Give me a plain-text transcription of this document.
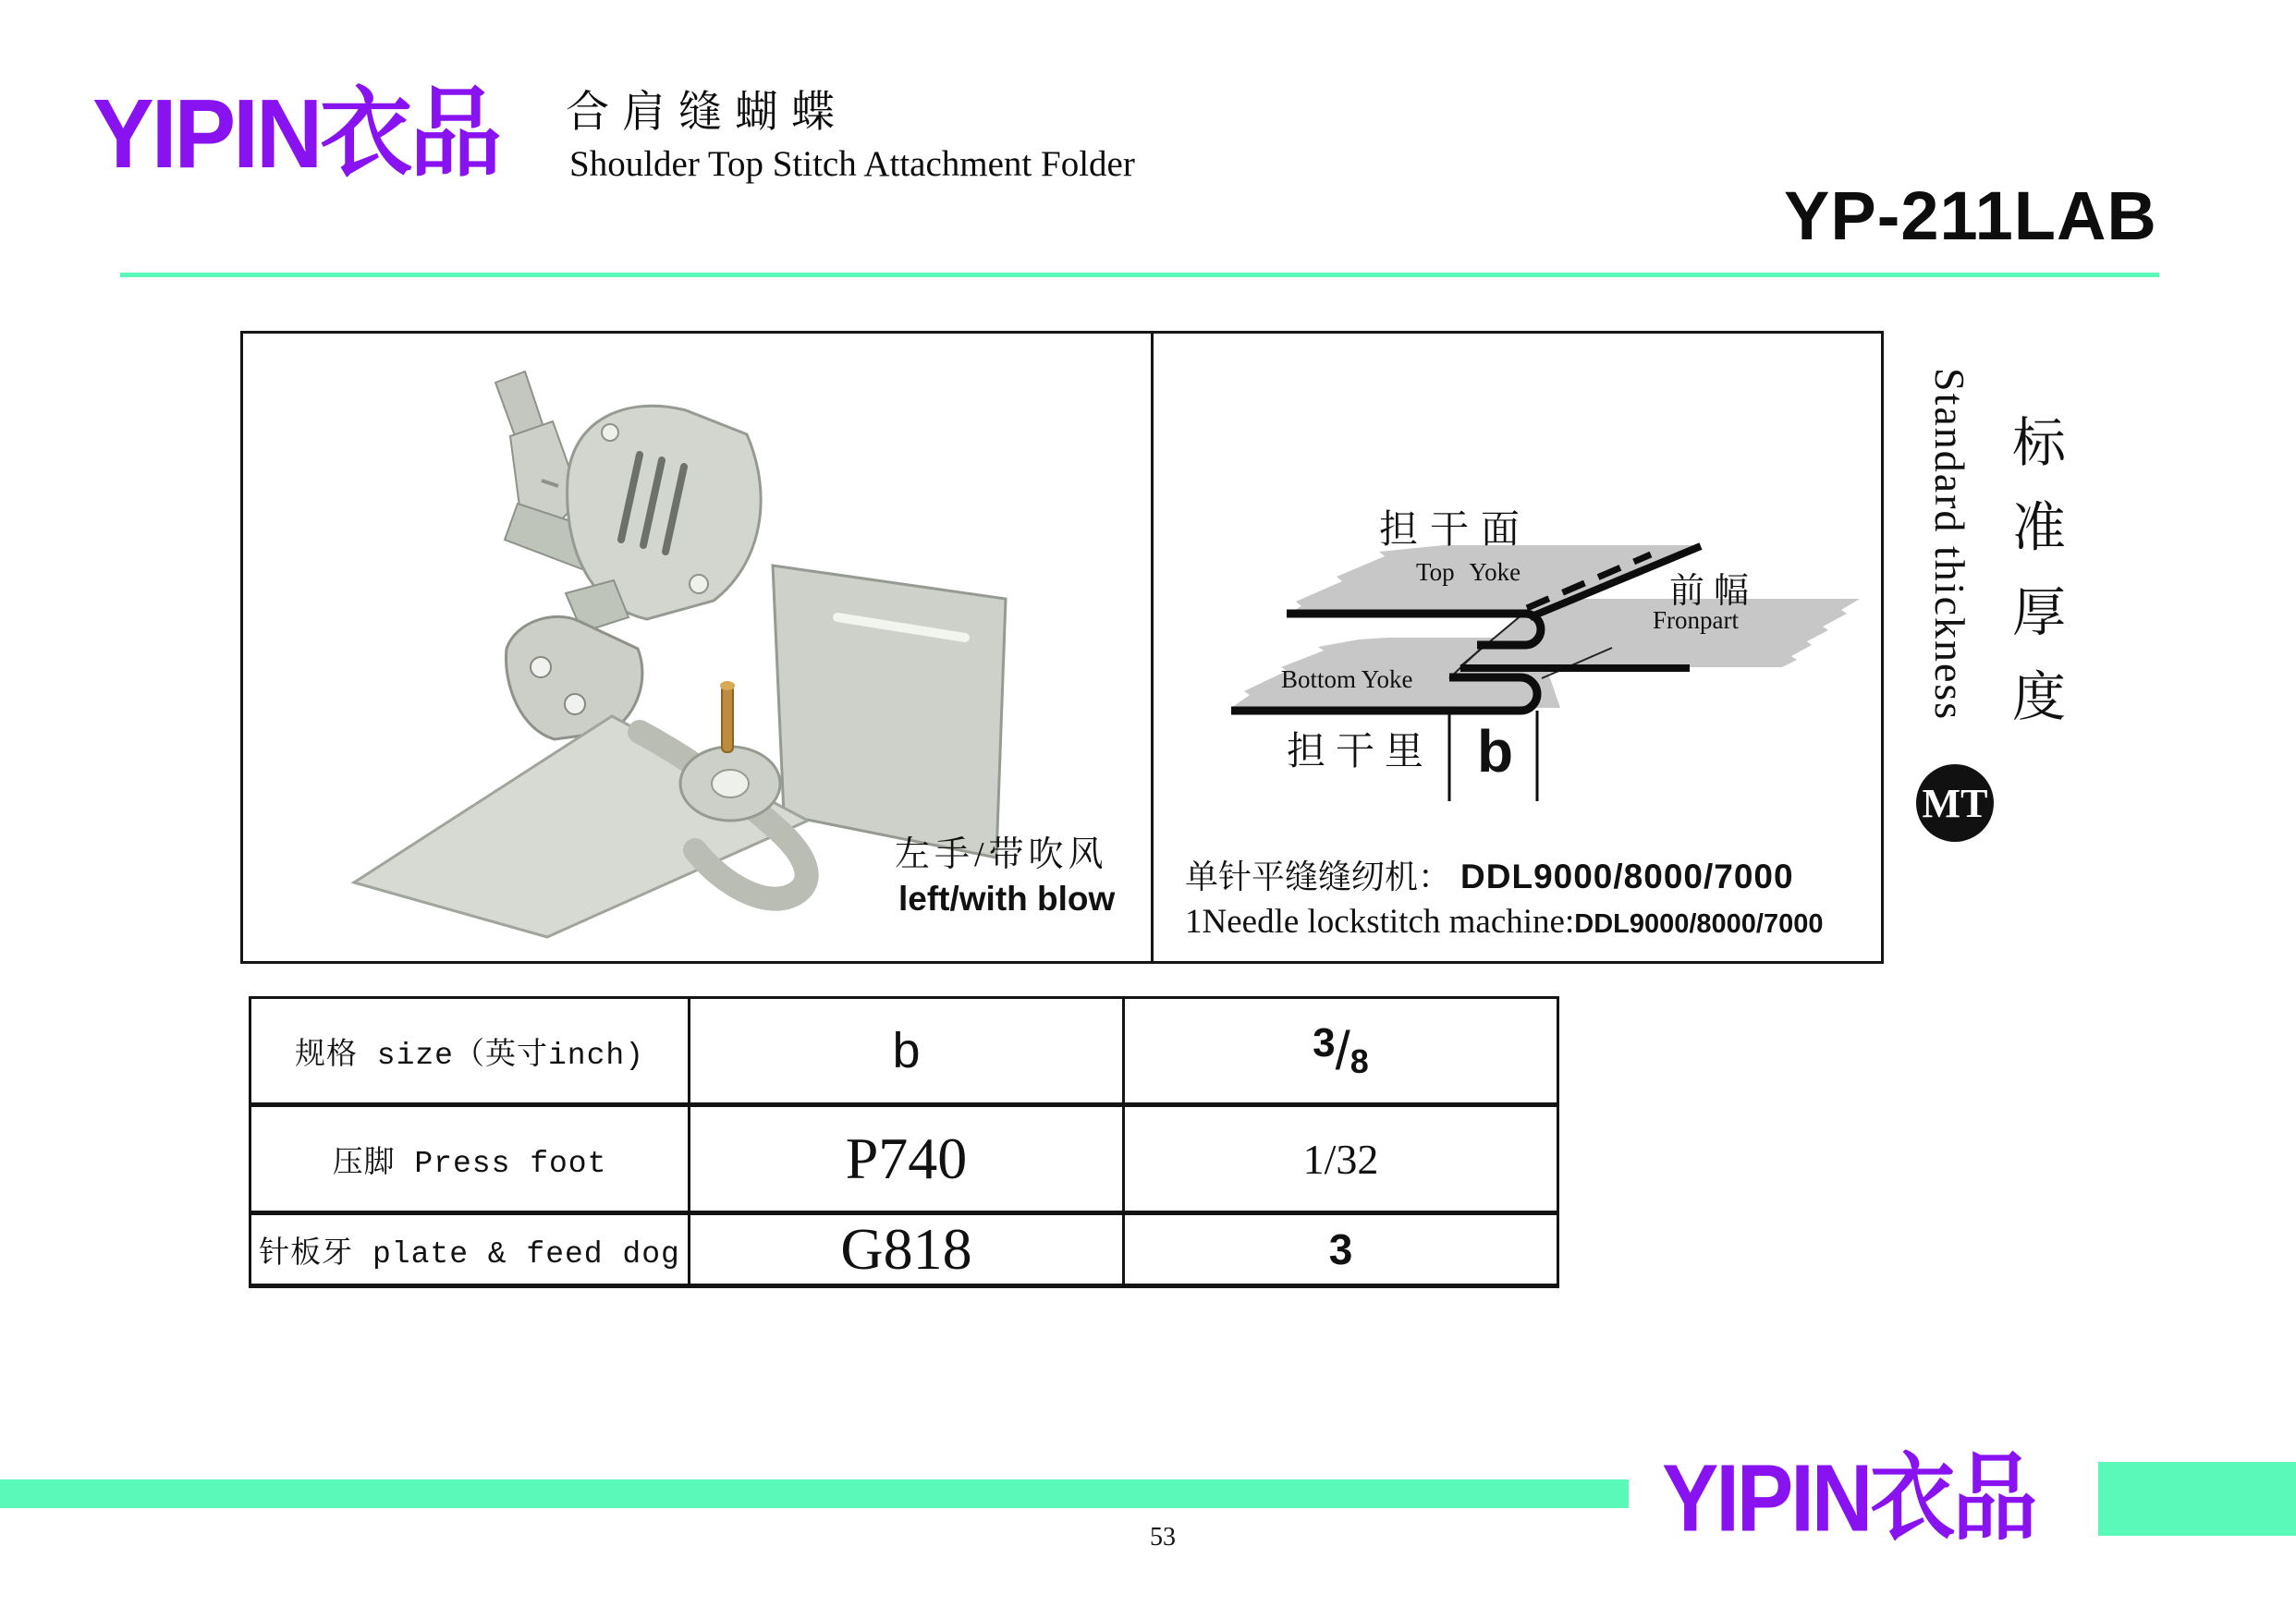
YIPIN衣品 合肩缝蝴蝶
Shoulder Top Stitch Attachment Folder
YP-211LAB
左手/带吹风
left/with blow
担干面
Top Yoke	前幅
Fronpart
Bottom Yoke
担干里 b
单针平缝缝纫机： DDL9000/8000/7000
1Needle lockstitch machine:DDL9000/8000/7000
Standard thickness 标准厚度
MT
规格 size（英寸inch)	b	3/8
压脚 Press foot	P740	1/32
针板牙 plate & feed dog	G818	3
YIPIN衣品
53
